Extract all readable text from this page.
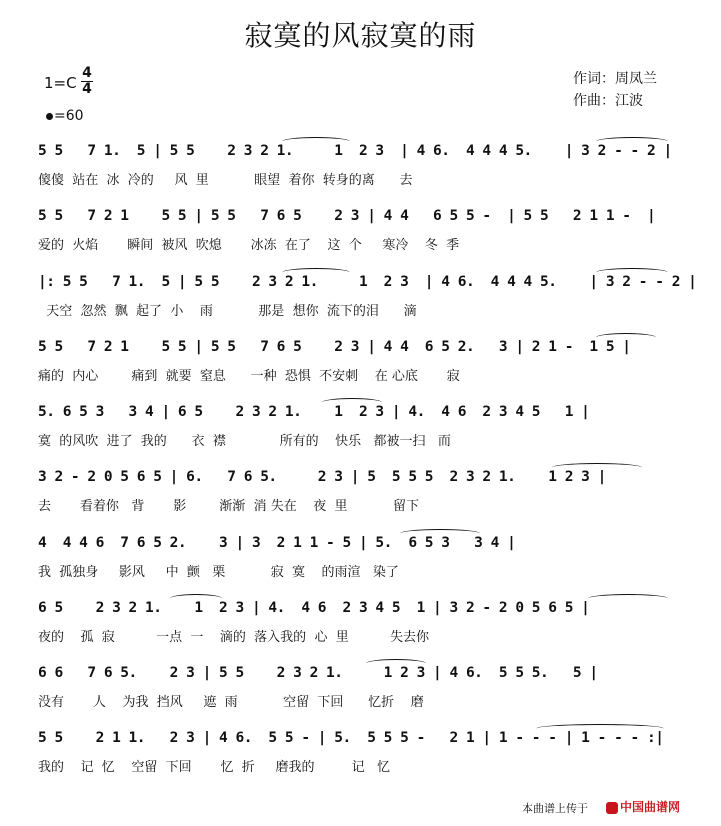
寂寞的风寂寞的雨
$1=C \frac{4}{4}$
=60
作词：周凤兰
作曲：江波
5 5   7 1.  5 | 5 5    2 3 2 1.     1  2 3  | 4 6.  4 4 4 5.    | 3 2 - - 2 |
傻傻  站在  冰  冷的     风  里           眼望  着你  转身的离      去
5 5   7 2 1    5 5 | 5 5   7 6 5    2 3 | 4 4   6 5 5 -  | 5 5   2 1 1 -  |
爱的  火焰       瞬间  被风  吹熄       冰冻  在了    这  个     寒冷    冬  季
|: 5 5   7 1.  5 | 5 5    2 3 2 1.     1  2 3  | 4 6.  4 4 4 5.    | 3 2 - - 2 |
天空  忽然  飘  起了  小    雨           那是  想你  流下的泪      滴
5 5   7 2 1    5 5 | 5 5   7 6 5    2 3 | 4 4  6 5 2.   3 | 2 1 -  1 5 |
痛的  内心        痛到  就要  窒息      一种  恐惧  不安刺    在 心底       寂
5. 6 5 3   3 4 | 6 5    2 3 2 1.    1  2 3 | 4.  4 6  2 3 4 5   1 |
寞  的风吹  进了  我的      衣  襟             所有的    快乐   都被一扫   而
3 2 - 2 0 5 6 5 | 6.   7 6 5.     2 3 | 5  5 5 5  2 3 2 1.    1 2 3 |
去       看着你   背       影        渐渐  消 失在    夜  里           留下
4  4 4 6  7 6 5 2.    3 | 3  2 1 1 - 5 | 5.  6 5 3   3 4 |
我  孤独身     影风     中  颤   栗           寂  寞    的雨渲   染了
6 5    2 3 2 1.    1  2 3 | 4.  4 6  2 3 4 5  1 | 3 2 - 2 0 5 6 5 |
夜的    孤  寂          一点  一    滴的  落入我的  心  里          失去你
6 6   7 6 5.    2 3 | 5 5    2 3 2 1.     1 2 3 | 4 6.  5 5 5.   5 |
没有       人    为我  挡风     遮  雨           空留  下回      忆折    磨
5 5    2 1 1.   2 3 | 4 6.  5 5 - | 5.  5 5 5 -   2 1 | 1 - - - | 1 - - - :|
我的    记  忆    空留  下回       忆  折     磨我的         记   忆
本曲谱上传于	中国曲谱网
